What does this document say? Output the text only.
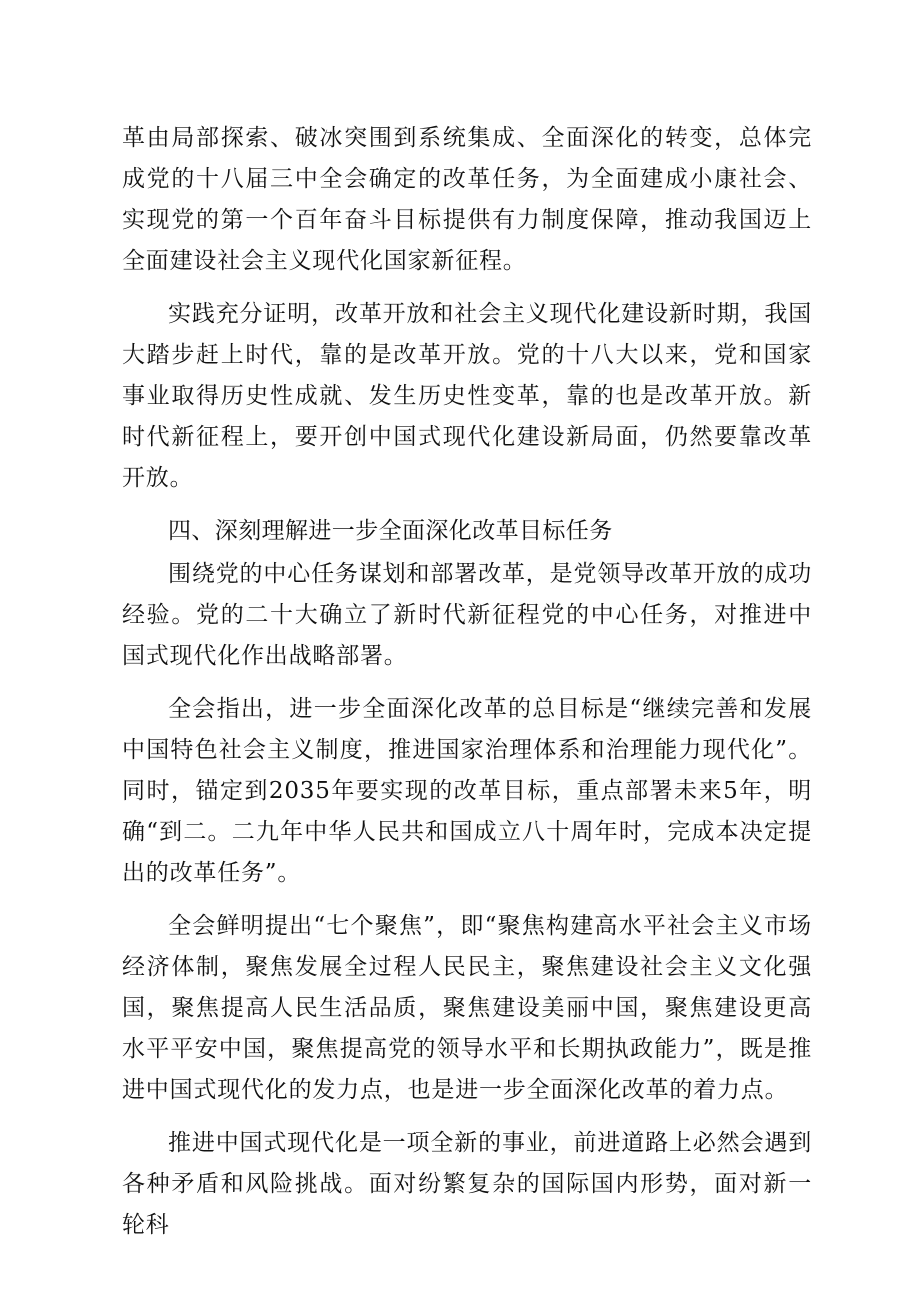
革由局部探索、破冰突围到系统集成、全面深化的转变，总体完成党的十八届三中全会确定的改革任务，为全面建成小康社会、实现党的第一个百年奋斗目标提供有力制度保障，推动我国迈上全面建设社会主义现代化国家新征程。

实践充分证明，改革开放和社会主义现代化建设新时期，我国大踏步赶上时代，靠的是改革开放。党的十八大以来，党和国家事业取得历史性成就、发生历史性变革，靠的也是改革开放。新时代新征程上，要开创中国式现代化建设新局面，仍然要靠改革开放。

四、深刻理解进一步全面深化改革目标任务

围绕党的中心任务谋划和部署改革，是党领导改革开放的成功经验。党的二十大确立了新时代新征程党的中心任务，对推进中国式现代化作出战略部署。

全会指出，进一步全面深化改革的总目标是“继续完善和发展中国特色社会主义制度，推进国家治理体系和治理能力现代化”。同时，锚定到2035年要实现的改革目标，重点部署未来5年，明确“到二。二九年中华人民共和国成立八十周年时，完成本决定提出的改革任务”。

全会鲜明提出“七个聚焦”，即“聚焦构建高水平社会主义市场经济体制，聚焦发展全过程人民民主，聚焦建设社会主义文化强国，聚焦提高人民生活品质，聚焦建设美丽中国，聚焦建设更高水平平安中国，聚焦提高党的领导水平和长期执政能力”，既是推进中国式现代化的发力点，也是进一步全面深化改革的着力点。

推进中国式现代化是一项全新的事业，前进道路上必然会遇到各种矛盾和风险挑战。面对纷繁复杂的国际国内形势，面对新一轮科
